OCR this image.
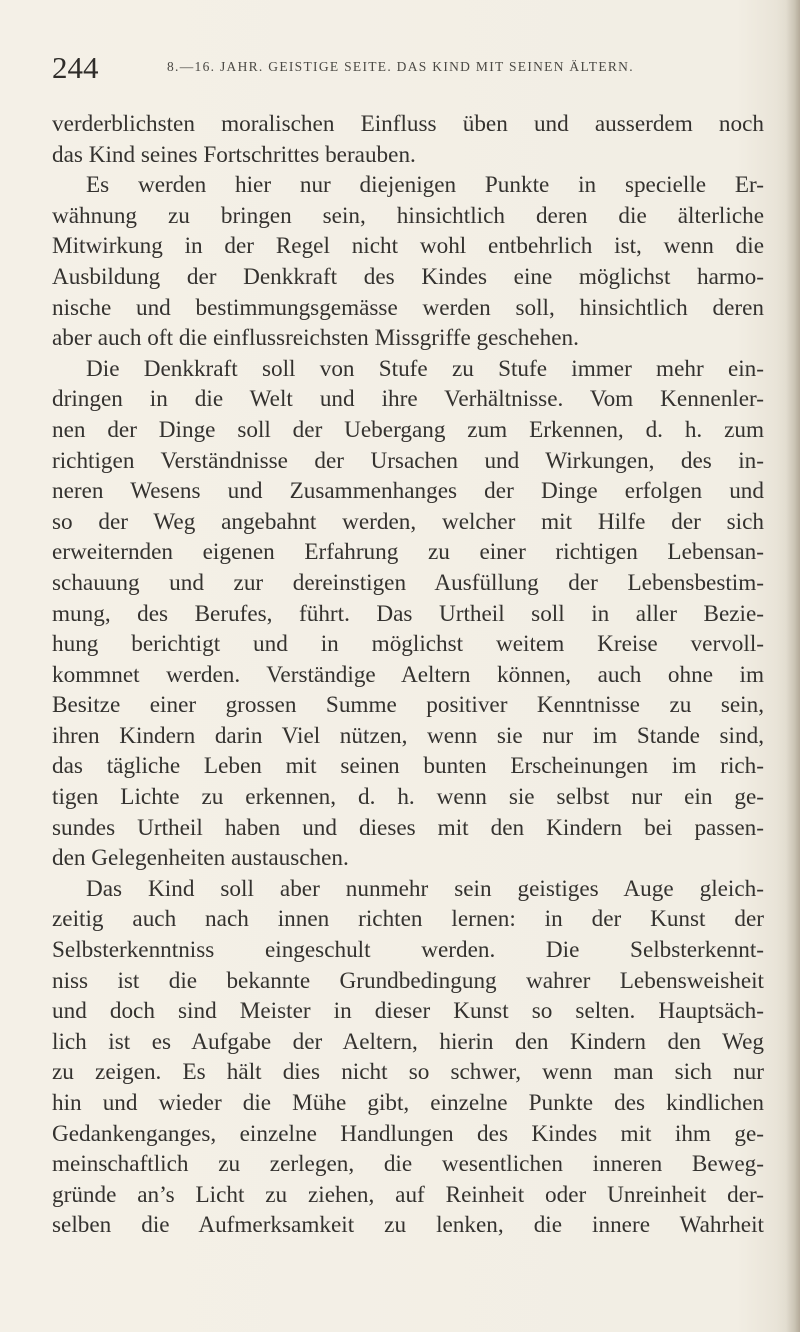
244	8.—16. JAHR. GEISTIGE SEITE. DAS KIND MIT SEINEN ÄLTERN.
verderblichsten moralischen Einfluss üben und ausserdem noch
das Kind seines Fortschrittes berauben.
Es werden hier nur diejenigen Punkte in specielle Er-
wähnung zu bringen sein, hinsichtlich deren die älterliche
Mitwirkung in der Regel nicht wohl entbehrlich ist, wenn die
Ausbildung der Denkkraft des Kindes eine möglichst harmo-
nische und bestimmungsgemässe werden soll, hinsichtlich deren
aber auch oft die einflussreichsten Missgriffe geschehen.
Die Denkkraft soll von Stufe zu Stufe immer mehr ein-
dringen in die Welt und ihre Verhältnisse. Vom Kennenler-
nen der Dinge soll der Uebergang zum Erkennen, d. h. zum
richtigen Verständnisse der Ursachen und Wirkungen, des in-
neren Wesens und Zusammenhanges der Dinge erfolgen und
so der Weg angebahnt werden, welcher mit Hilfe der sich
erweiternden eigenen Erfahrung zu einer richtigen Lebensan-
schauung und zur dereinstigen Ausfüllung der Lebensbestim-
mung, des Berufes, führt. Das Urtheil soll in aller Bezie-
hung berichtigt und in möglichst weitem Kreise vervoll-
kommnet werden. Verständige Aeltern können, auch ohne im
Besitze einer grossen Summe positiver Kenntnisse zu sein,
ihren Kindern darin Viel nützen, wenn sie nur im Stande sind,
das tägliche Leben mit seinen bunten Erscheinungen im rich-
tigen Lichte zu erkennen, d. h. wenn sie selbst nur ein ge-
sundes Urtheil haben und dieses mit den Kindern bei passen-
den Gelegenheiten austauschen.
Das Kind soll aber nunmehr sein geistiges Auge gleich-
zeitig auch nach innen richten lernen: in der Kunst der
Selbsterkenntniss eingeschult werden. Die Selbsterkennt-
niss ist die bekannte Grundbedingung wahrer Lebensweisheit
und doch sind Meister in dieser Kunst so selten. Hauptsäch-
lich ist es Aufgabe der Aeltern, hierin den Kindern den Weg
zu zeigen. Es hält dies nicht so schwer, wenn man sich nur
hin und wieder die Mühe gibt, einzelne Punkte des kindlichen
Gedankenganges, einzelne Handlungen des Kindes mit ihm ge-
meinschaftlich zu zerlegen, die wesentlichen inneren Beweg-
gründe an’s Licht zu ziehen, auf Reinheit oder Unreinheit der-
selben die Aufmerksamkeit zu lenken, die innere Wahrheit
